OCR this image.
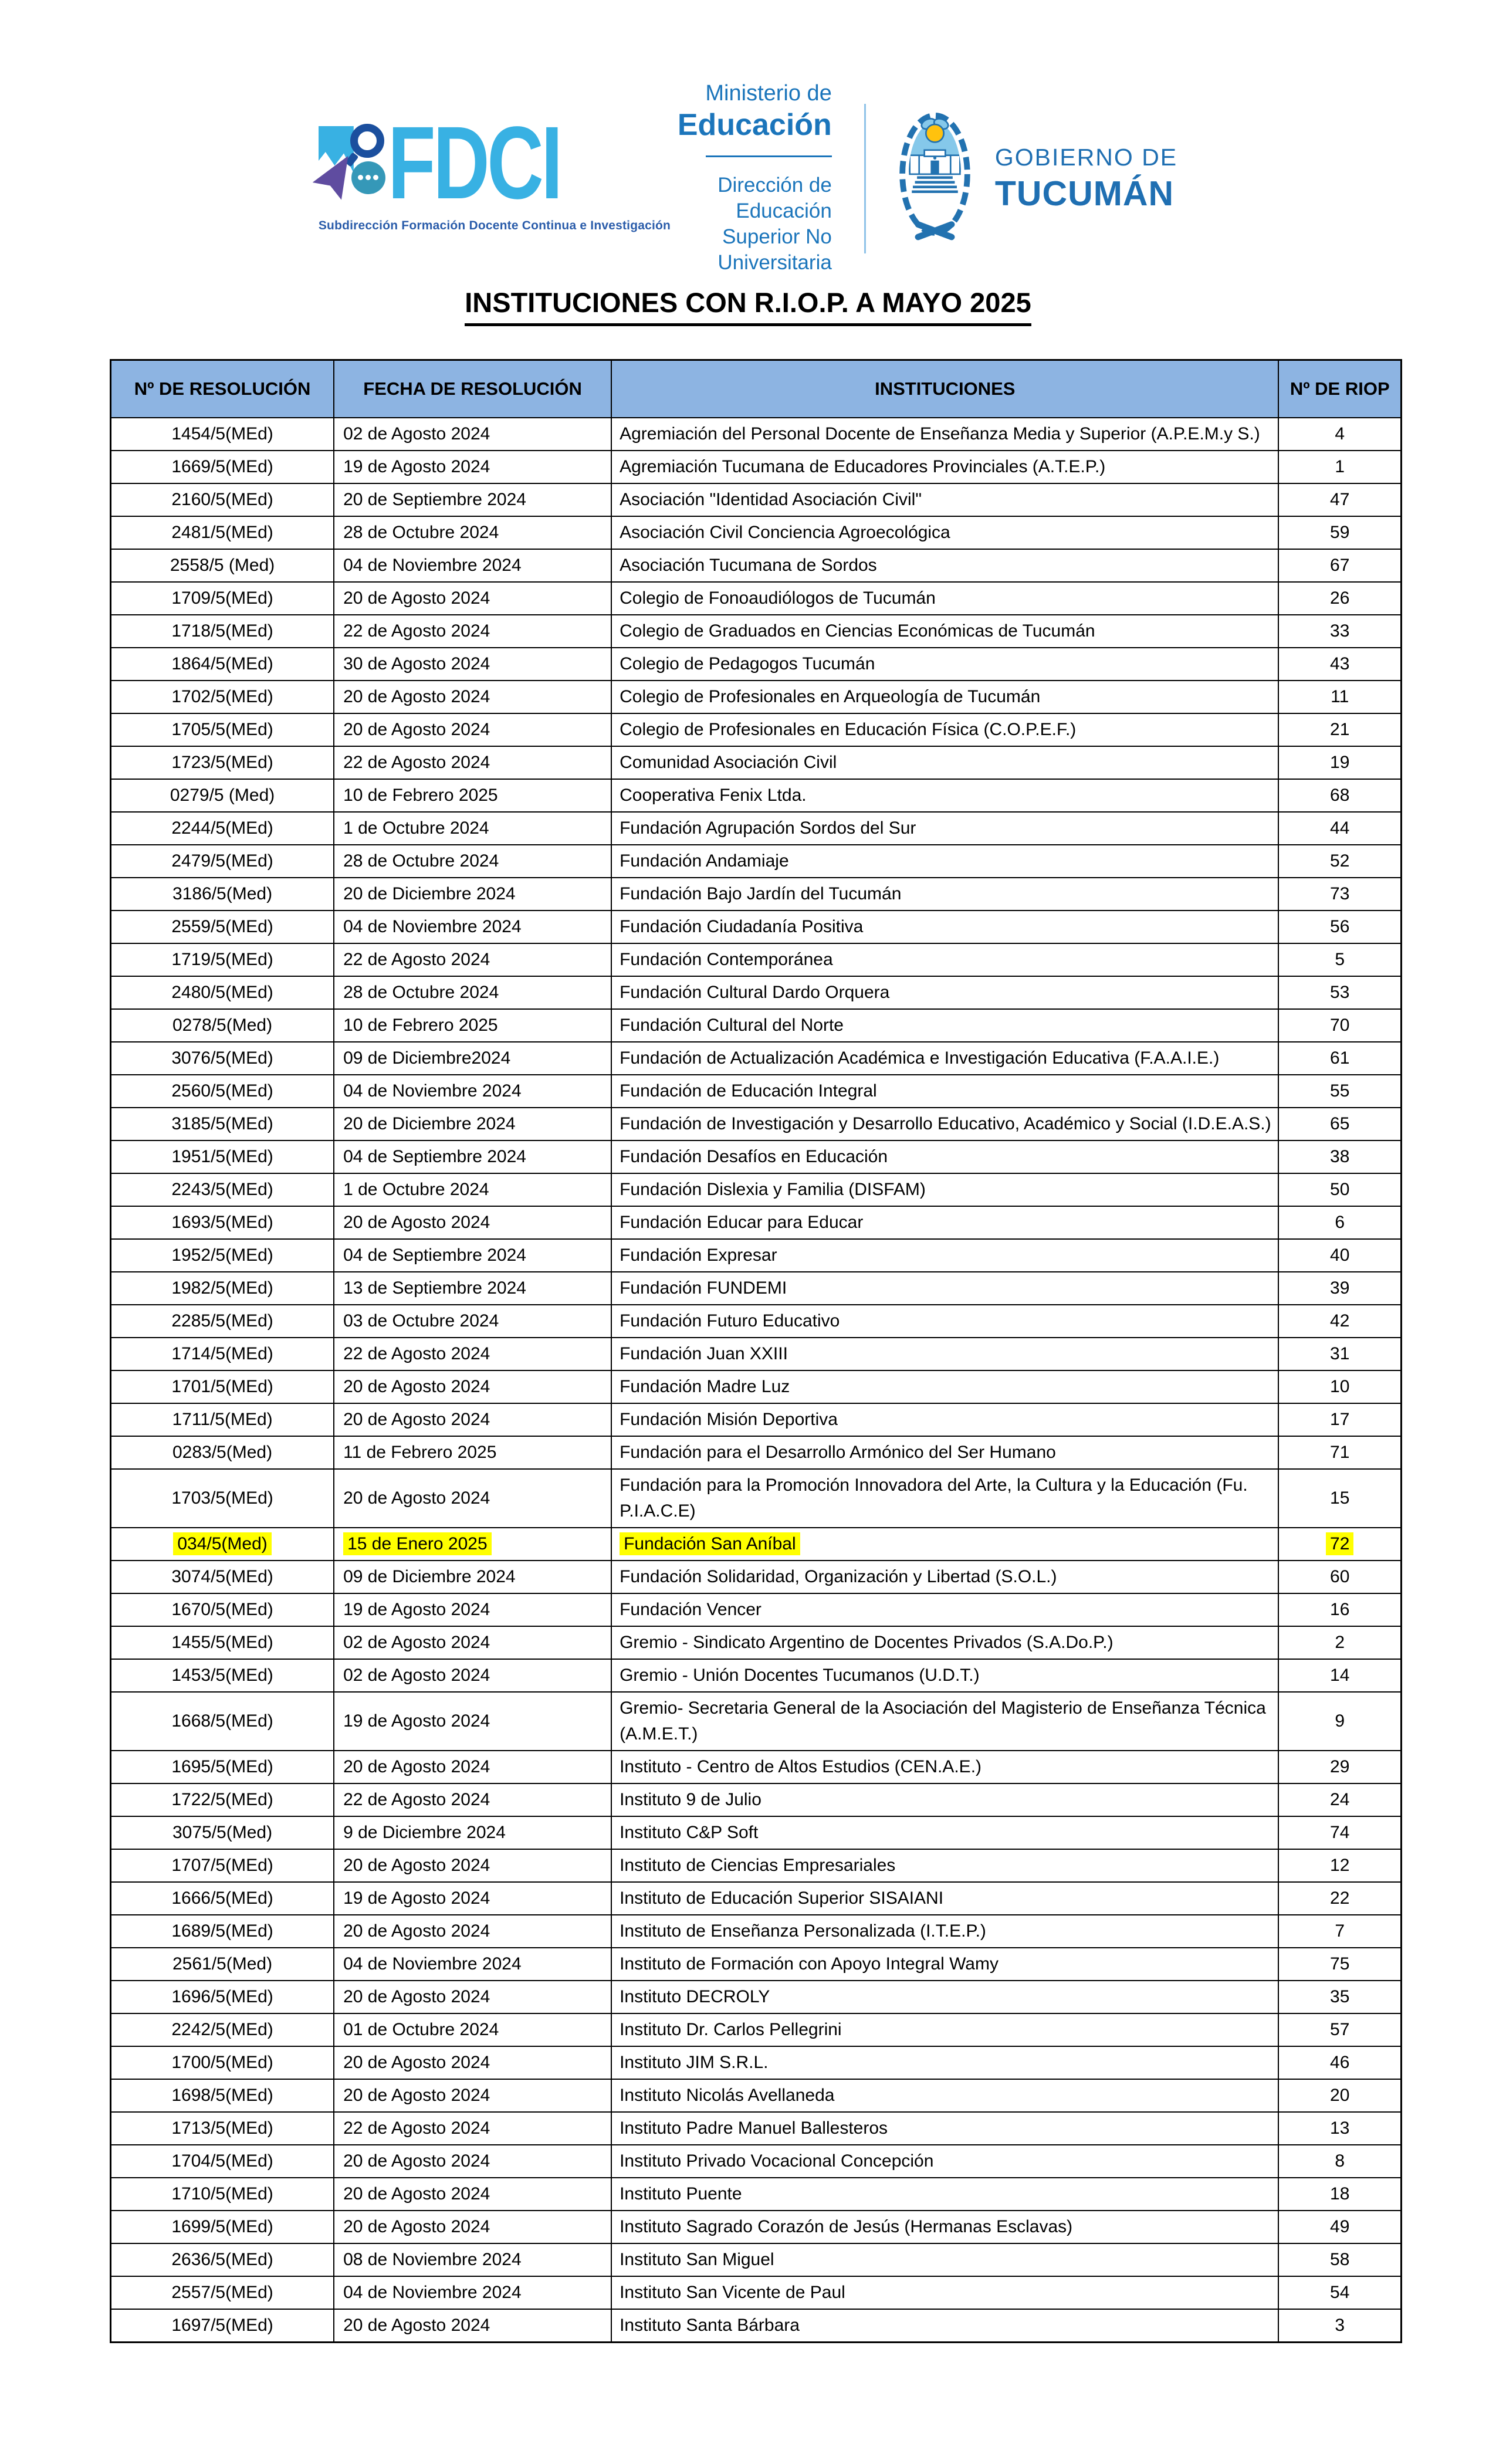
FDCI
Subdirección Formación Docente Continua e Investigación
Ministerio de
Educación
Dirección de Educación
Superior No Universitaria
GOBIERNO DE
TUCUMÁN
INSTITUCIONES CON R.I.O.P. A MAYO 2025
Nº DE RESOLUCIÓN	FECHA DE RESOLUCIÓN	INSTITUCIONES	Nº DE RIOP
1454/5(MEd)	02 de Agosto 2024	Agremiación del Personal Docente de Enseñanza Media y Superior (A.P.E.M.y S.)	4
1669/5(MEd)	19 de Agosto 2024	Agremiación Tucumana de Educadores Provinciales (A.T.E.P.)	1
2160/5(MEd)	20 de Septiembre 2024	Asociación "Identidad Asociación Civil"	47
2481/5(MEd)	28 de Octubre 2024	Asociación Civil Conciencia Agroecológica	59
2558/5 (Med)	04 de Noviembre 2024	Asociación Tucumana de Sordos	67
1709/5(MEd)	20 de Agosto 2024	Colegio de Fonoaudiólogos de Tucumán	26
1718/5(MEd)	22 de Agosto 2024	Colegio de Graduados en Ciencias Económicas de Tucumán	33
1864/5(MEd)	30 de Agosto 2024	Colegio de Pedagogos Tucumán	43
1702/5(MEd)	20 de Agosto 2024	Colegio de Profesionales en Arqueología de Tucumán	11
1705/5(MEd)	20 de Agosto 2024	Colegio de Profesionales en Educación Física (C.O.P.E.F.)	21
1723/5(MEd)	22 de Agosto 2024	Comunidad Asociación Civil	19
0279/5 (Med)	10 de Febrero 2025	Cooperativa Fenix Ltda.	68
2244/5(MEd)	1 de Octubre 2024	Fundación Agrupación Sordos del Sur	44
2479/5(MEd)	28 de Octubre 2024	Fundación Andamiaje	52
3186/5(Med)	20 de Diciembre 2024	Fundación Bajo Jardín del Tucumán	73
2559/5(MEd)	04 de Noviembre 2024	Fundación Ciudadanía Positiva	56
1719/5(MEd)	22 de Agosto 2024	Fundación Contemporánea	5
2480/5(MEd)	28 de Octubre 2024	Fundación Cultural Dardo Orquera	53
0278/5(Med)	10 de Febrero 2025	Fundación Cultural del Norte	70
3076/5(MEd)	09 de Diciembre2024	Fundación de Actualización Académica e Investigación Educativa (F.A.A.I.E.)	61
2560/5(MEd)	04 de Noviembre 2024	Fundación de Educación Integral	55
3185/5(MEd)	20 de Diciembre 2024	Fundación de Investigación y Desarrollo Educativo, Académico y Social (I.D.E.A.S.)	65
1951/5(MEd)	04 de Septiembre 2024	Fundación Desafíos en Educación	38
2243/5(MEd)	1 de Octubre 2024	Fundación Dislexia y Familia (DISFAM)	50
1693/5(MEd)	20 de Agosto 2024	Fundación Educar para Educar	6
1952/5(MEd)	04 de Septiembre 2024	Fundación Expresar	40
1982/5(MEd)	13 de Septiembre 2024	Fundación FUNDEMI	39
2285/5(MEd)	03 de Octubre 2024	Fundación Futuro Educativo	42
1714/5(MEd)	22 de Agosto 2024	Fundación Juan XXIII	31
1701/5(MEd)	20 de Agosto 2024	Fundación Madre Luz	10
1711/5(MEd)	20 de Agosto 2024	Fundación Misión Deportiva	17
0283/5(Med)	11 de Febrero 2025	Fundación para el Desarrollo Armónico del Ser Humano	71
1703/5(MEd)	20 de Agosto 2024	Fundación para la Promoción Innovadora del Arte, la Cultura y la Educación (Fu. P.I.A.C.E)	15
034/5(Med)	15 de Enero 2025	Fundación San Aníbal	72
3074/5(MEd)	09 de Diciembre 2024	Fundación Solidaridad, Organización y Libertad (S.O.L.)	60
1670/5(MEd)	19 de Agosto 2024	Fundación Vencer	16
1455/5(MEd)	02 de Agosto 2024	Gremio - Sindicato Argentino de Docentes Privados (S.A.Do.P.)	2
1453/5(MEd)	02 de Agosto 2024	Gremio - Unión Docentes Tucumanos (U.D.T.)	14
1668/5(MEd)	19 de Agosto 2024	Gremio- Secretaria General de la Asociación del Magisterio de Enseñanza Técnica (A.M.E.T.)	9
1695/5(MEd)	20 de Agosto 2024	Instituto - Centro de Altos Estudios (CEN.A.E.)	29
1722/5(MEd)	22 de Agosto 2024	Instituto 9 de Julio	24
3075/5(Med)	9 de Diciembre 2024	Instituto C&P Soft	74
1707/5(MEd)	20 de Agosto 2024	Instituto de Ciencias Empresariales	12
1666/5(MEd)	19 de Agosto 2024	Instituto de Educación Superior SISAIANI	22
1689/5(MEd)	20 de Agosto 2024	Instituto de Enseñanza Personalizada (I.T.E.P.)	7
2561/5(Med)	04 de Noviembre 2024	Instituto de Formación con Apoyo Integral Wamy	75
1696/5(MEd)	20 de Agosto 2024	Instituto DECROLY	35
2242/5(MEd)	01 de Octubre 2024	Instituto Dr. Carlos Pellegrini	57
1700/5(MEd)	20 de Agosto 2024	Instituto JIM S.R.L.	46
1698/5(MEd)	20 de Agosto 2024	Instituto Nicolás Avellaneda	20
1713/5(MEd)	22 de Agosto 2024	Instituto Padre Manuel Ballesteros	13
1704/5(MEd)	20 de Agosto 2024	Instituto Privado Vocacional Concepción	8
1710/5(MEd)	20 de Agosto 2024	Instituto Puente	18
1699/5(MEd)	20 de Agosto 2024	Instituto Sagrado Corazón de Jesús (Hermanas Esclavas)	49
2636/5(MEd)	08 de Noviembre 2024	Instituto San Miguel	58
2557/5(MEd)	04 de Noviembre 2024	Instituto San Vicente de Paul	54
1697/5(MEd)	20 de Agosto 2024	Instituto Santa Bárbara	3
